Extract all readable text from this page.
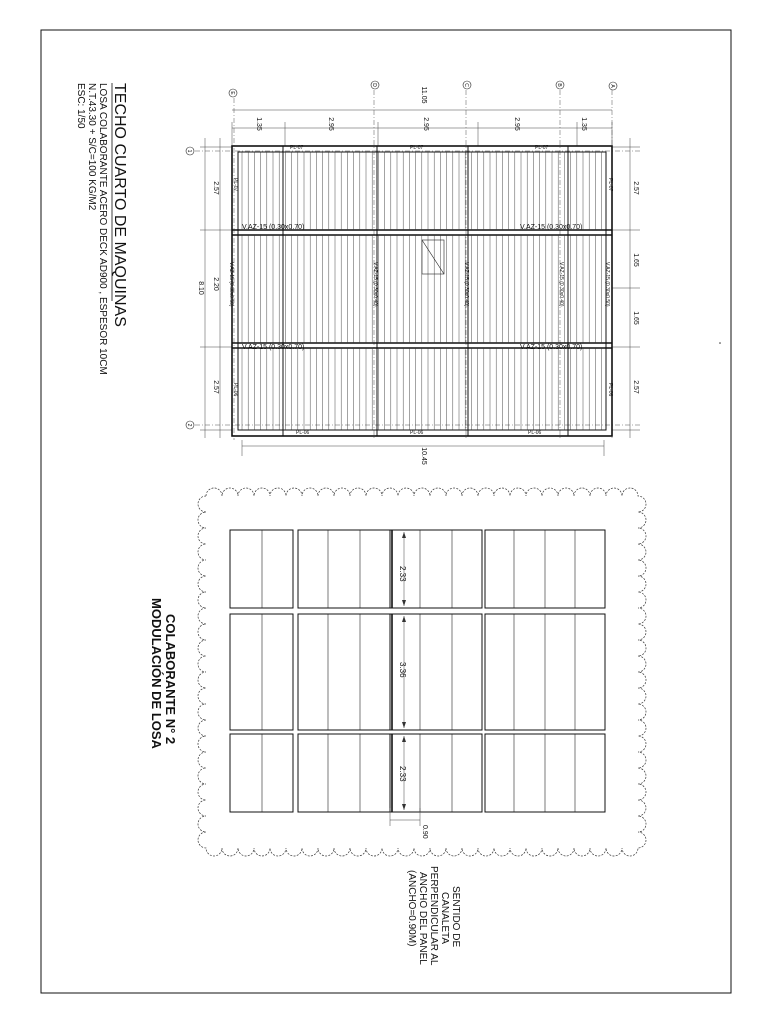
TECHO CUARTO DE MAQUINAS
LOSA COLABORANTE ACERO DECK AD900 , ESPESOR 10CM
N.T.43.30 + S/C=100 KG/M2
ESC: 1/50	E
D	C	B	A
1
2
11.05
1.35	2.95	2.95	2.95	1.35
2.57
2.20
2.57
8.10
2.57
1.65
1.65
2.57
10.45
V.AZ-15 (0.30x0.70)	V.AZ-15 (0.30x0.70)
V.AZ-15 (0.30x0.70)	V.AZ-15 (0.30x0.70)
V.AZ-15 (0.30x0.40)	V.AZ-15 (0.30x0.40)	V.AZ-15 (0.30x0.40)
V.AZ-15 (0.30x0.50)	V.AZ-15 (0.30x0.50)
PL-07	PL-07	PL-07
PL-06	PL-06	PL-06
PL-07	PL-07
PL-06	PL-06
2.33
3.36
2.33
0.90
MODULACIÓN DE LOSA COLABORANTE N° 2
SENTIDO DE
CANALETA
PERPENDICULAR AL
ANCHO DEL PANEL
(ANCHO=0.90M)
